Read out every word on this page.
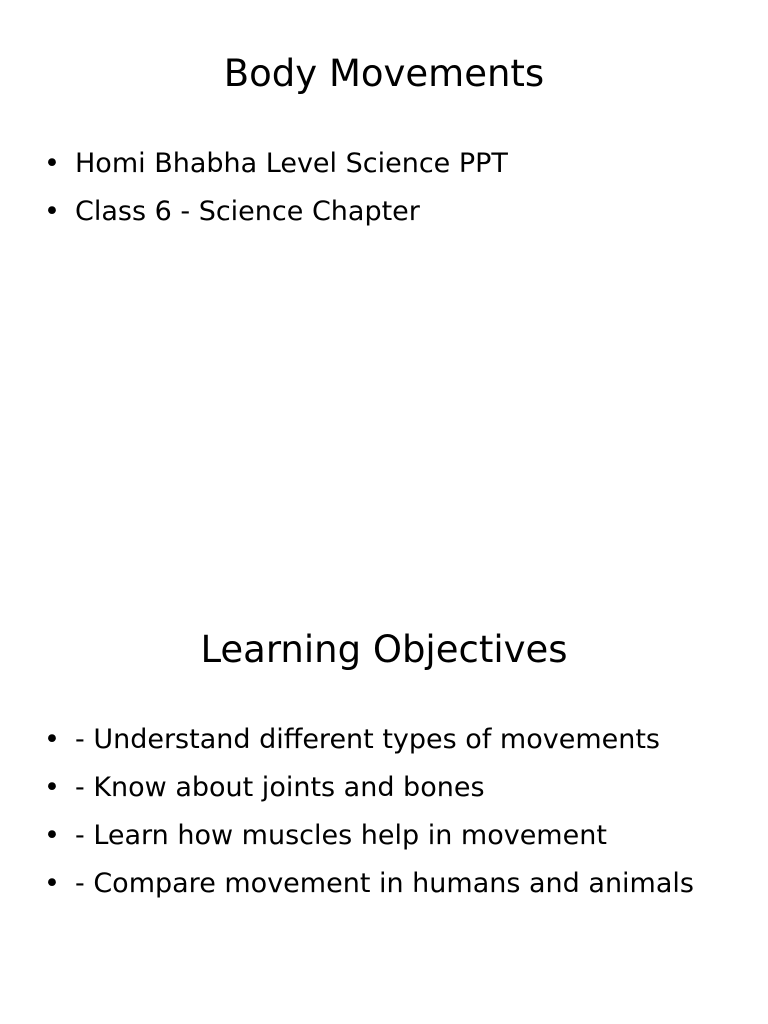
Body Movements
• Homi Bhabha Level Science PPT
• Class 6 - Science Chapter
Learning Objectives
• - Understand different types of movements
• - Know about joints and bones
• - Learn how muscles help in movement
• - Compare movement in humans and animals
